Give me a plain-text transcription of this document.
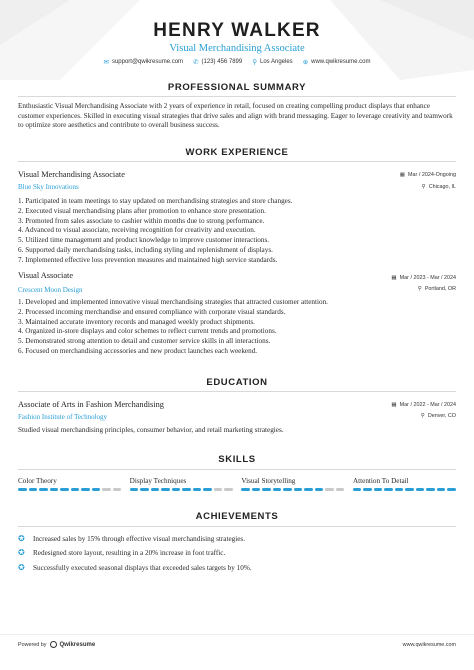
HENRY WALKER
Visual Merchandising Associate
✉ support@qwikresume.com ✆ (123) 456 7899 ⚲ Los Angeles ⊕ www.qwikresume.com
PROFESSIONAL SUMMARY
Enthusiastic Visual Merchandising Associate with 2 years of experience in retail, focused on creating compelling product displays that enhance customer experiences. Skilled in executing visual strategies that drive sales and align with brand messaging. Eager to leverage creativity and teamwork to optimize store aesthetics and contribute to overall business success.
WORK EXPERIENCE
Visual Merchandising Associate
Blue Sky Innovations
▦ Mar / 2024-Ongoing
⚲ Chicago, IL
1. Participated in team meetings to stay updated on merchandising strategies and store changes.
2. Executed visual merchandising plans after promotion to enhance store presentation.
3. Promoted from sales associate to cashier within months due to strong performance.
4. Advanced to visual associate, receiving recognition for creativity and execution.
5. Utilized time management and product knowledge to improve customer interactions.
6. Supported daily merchandising tasks, including styling and replenishment of displays.
7. Implemented effective loss prevention measures and maintained high service standards.
Visual Associate
Crescent Moon Design
▦ Mar / 2023 - Mar / 2024
⚲ Portland, OR
1. Developed and implemented innovative visual merchandising strategies that attracted customer attention.
2. Processed incoming merchandise and ensured compliance with corporate visual standards.
3. Maintained accurate inventory records and managed weekly product shipments.
4. Organized in-store displays and color schemes to reflect current trends and promotions.
5. Demonstrated strong attention to detail and customer service skills in all interactions.
6. Focused on merchandising accessories and new product launches each weekend.
EDUCATION
Associate of Arts in Fashion Merchandising
Fashion Institute of Technology
▦ Mar / 2022 - Mar / 2024
⚲ Denver, CO
Studied visual merchandising principles, consumer behavior, and retail marketing strategies.
SKILLS
Color Theory	Display Techniques	Visual Storytelling	Attention To Detail
ACHIEVEMENTS
✪	Increased sales by 15% through effective visual merchandising strategies.
✪	Redesigned store layout, resulting in a 20% increase in foot traffic.
✪	Successfully executed seasonal displays that exceeded sales targets by 10%.
Powered by Qwikresume	www.qwikresume.com
